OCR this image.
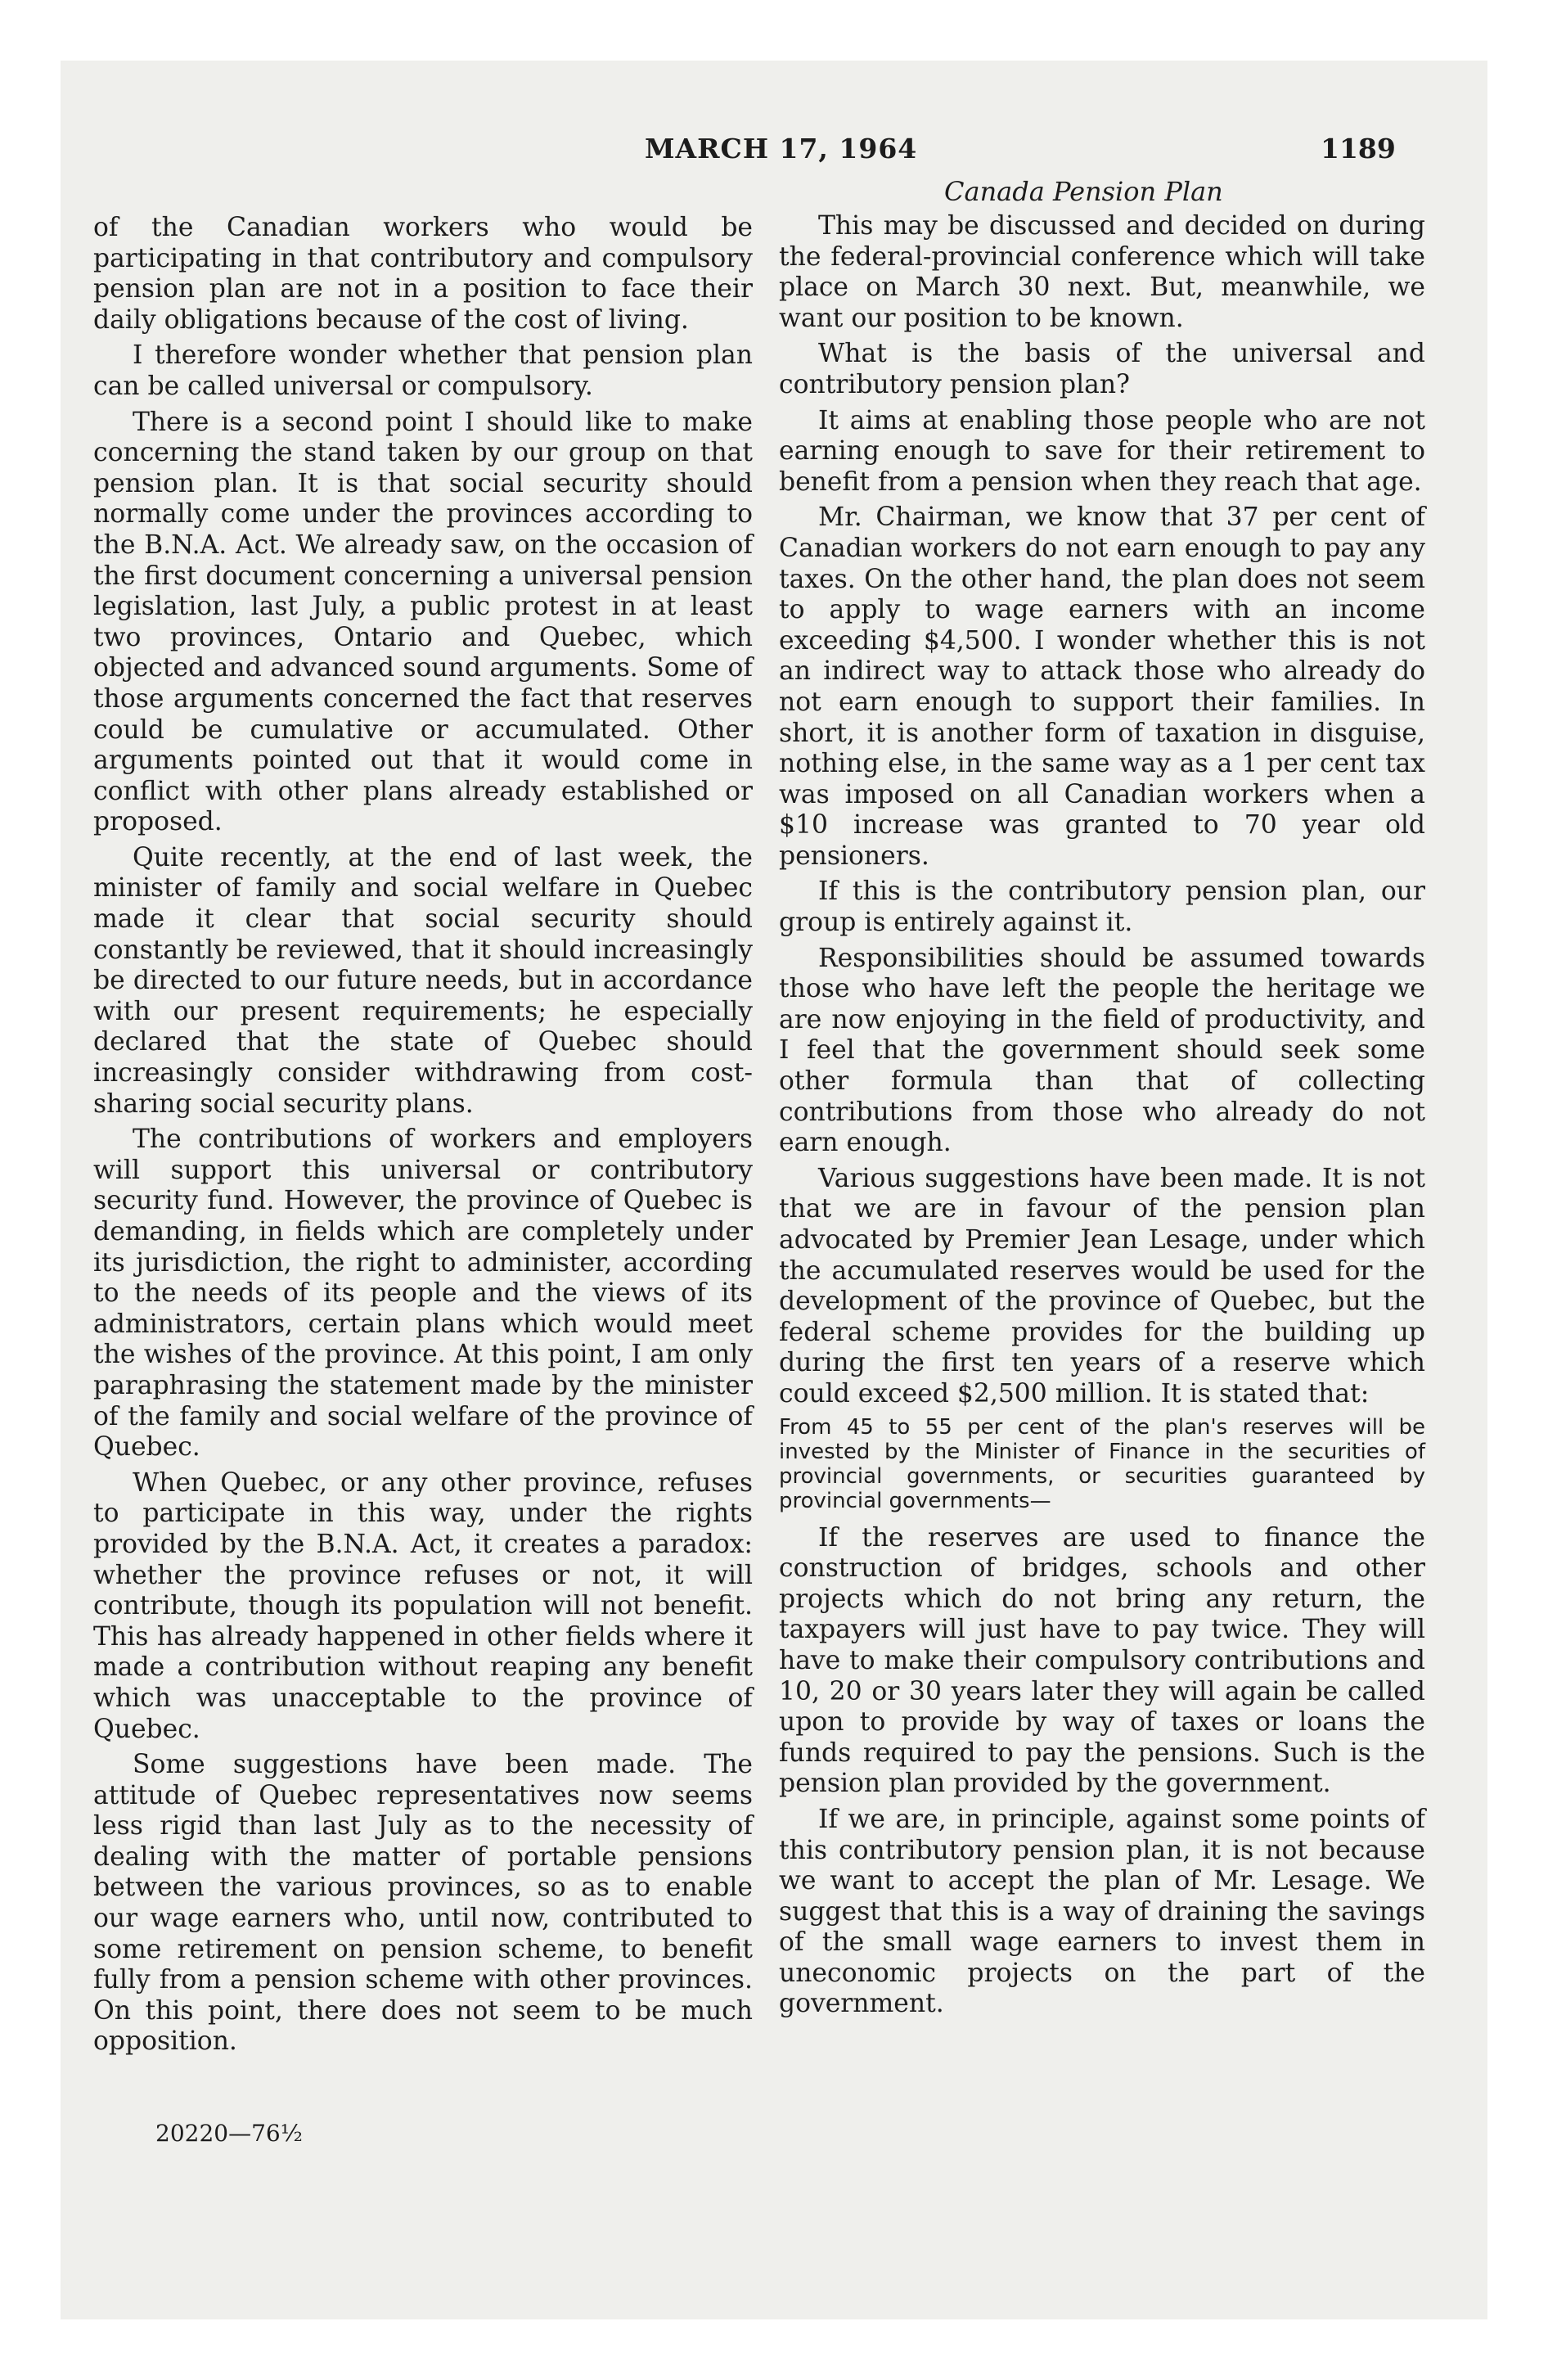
MARCH 17, 1964	1189
Canada Pension Plan

of the Canadian workers who would be participating in that contributory and compulsory pension plan are not in a position to face their daily obligations because of the cost of living.

I therefore wonder whether that pension plan can be called universal or compulsory.

There is a second point I should like to make concerning the stand taken by our group on that pension plan. It is that social security should normally come under the provinces according to the B.N.A. Act. We already saw, on the occasion of the first document concerning a universal pension legislation, last July, a public protest in at least two provinces, Ontario and Quebec, which objected and advanced sound arguments. Some of those arguments concerned the fact that reserves could be cumulative or accumulated. Other arguments pointed out that it would come in conflict with other plans already established or proposed.

Quite recently, at the end of last week, the minister of family and social welfare in Quebec made it clear that social security should constantly be reviewed, that it should increasingly be directed to our future needs, but in accordance with our present requirements; he especially declared that the state of Quebec should increasingly consider withdrawing from cost-sharing social security plans.

The contributions of workers and employers will support this universal or contributory security fund. However, the province of Quebec is demanding, in fields which are completely under its jurisdiction, the right to administer, according to the needs of its people and the views of its administrators, certain plans which would meet the wishes of the province. At this point, I am only paraphrasing the statement made by the minister of the family and social welfare of the province of Quebec.

When Quebec, or any other province, refuses to participate in this way, under the rights provided by the B.N.A. Act, it creates a paradox: whether the province refuses or not, it will contribute, though its population will not benefit. This has already happened in other fields where it made a contribution without reaping any benefit which was unacceptable to the province of Quebec.

Some suggestions have been made. The attitude of Quebec representatives now seems less rigid than last July as to the necessity of dealing with the matter of portable pensions between the various provinces, so as to enable our wage earners who, until now, contributed to some retirement on pension scheme, to benefit fully from a pension scheme with other provinces. On this point, there does not seem to be much opposition.

20220—76½

This may be discussed and decided on during the federal-provincial conference which will take place on March 30 next. But, meanwhile, we want our position to be known.

What is the basis of the universal and contributory pension plan?

It aims at enabling those people who are not earning enough to save for their retirement to benefit from a pension when they reach that age.

Mr. Chairman, we know that 37 per cent of Canadian workers do not earn enough to pay any taxes. On the other hand, the plan does not seem to apply to wage earners with an income exceeding $4,500. I wonder whether this is not an indirect way to attack those who already do not earn enough to support their families. In short, it is another form of taxation in disguise, nothing else, in the same way as a 1 per cent tax was imposed on all Canadian workers when a $10 increase was granted to 70 year old pensioners.

If this is the contributory pension plan, our group is entirely against it.

Responsibilities should be assumed towards those who have left the people the heritage we are now enjoying in the field of productivity, and I feel that the government should seek some other formula than that of collecting contributions from those who already do not earn enough.

Various suggestions have been made. It is not that we are in favour of the pension plan advocated by Premier Jean Lesage, under which the accumulated reserves would be used for the development of the province of Quebec, but the federal scheme provides for the building up during the first ten years of a reserve which could exceed $2,500 million. It is stated that:

From 45 to 55 per cent of the plan's reserves will be invested by the Minister of Finance in the securities of provincial governments, or securities guaranteed by provincial governments—

If the reserves are used to finance the construction of bridges, schools and other projects which do not bring any return, the taxpayers will just have to pay twice. They will have to make their compulsory contributions and 10, 20 or 30 years later they will again be called upon to provide by way of taxes or loans the funds required to pay the pensions. Such is the pension plan provided by the government.

If we are, in principle, against some points of this contributory pension plan, it is not because we want to accept the plan of Mr. Lesage. We suggest that this is a way of draining the savings of the small wage earners to invest them in uneconomic projects on the part of the government.
